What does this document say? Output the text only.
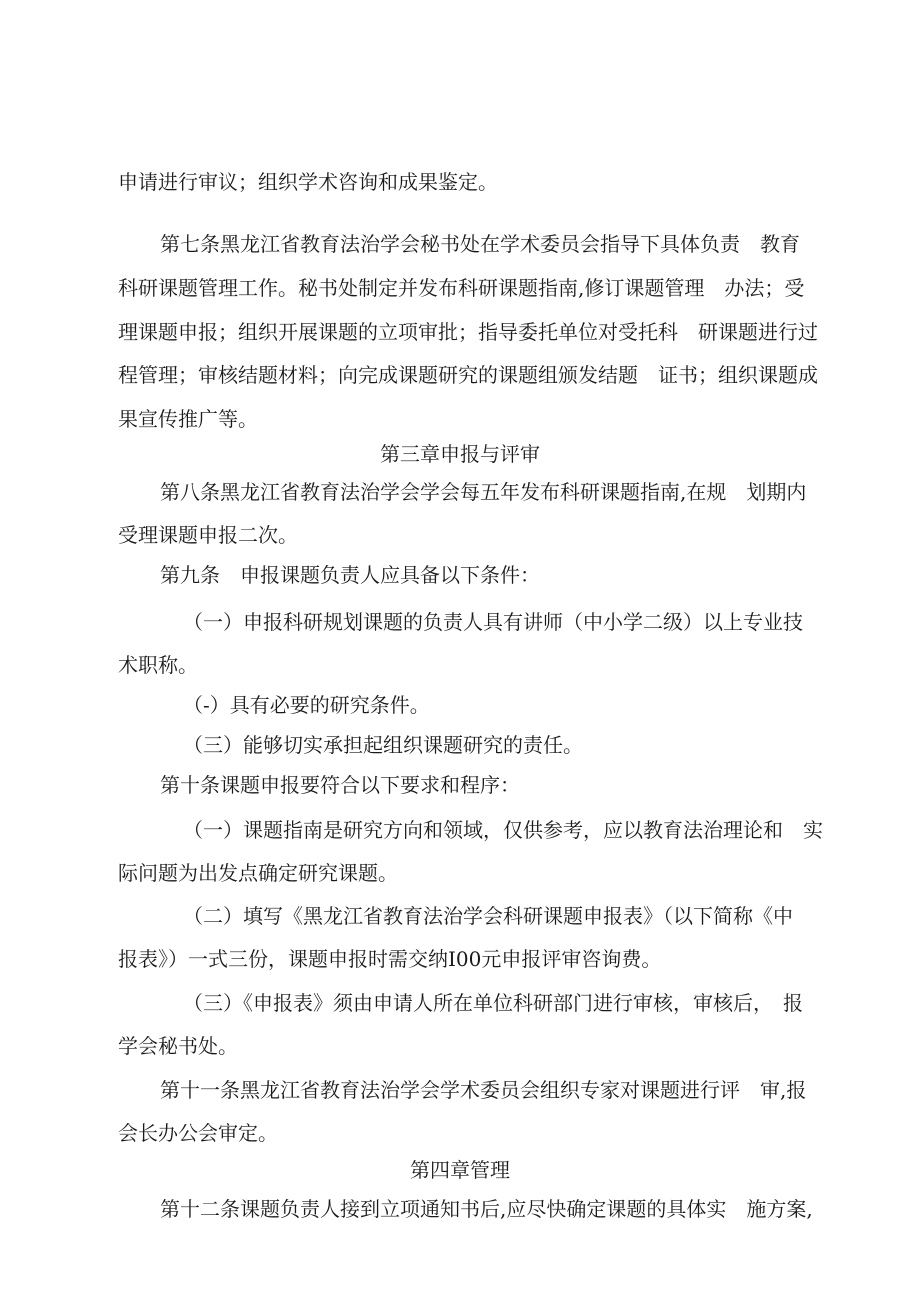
申请进行审议；组织学术咨询和成果鉴定。
第七条黑龙江省教育法治学会秘书处在学术委员会指导下具体负责　教育
科研课题管理工作。秘书处制定并发布科研课题指南,修订课题管理　办法；受
理课题申报；组织开展课题的立项审批；指导委托单位对受托科　研课题进行过
程管理；审核结题材料；向完成课题研究的课题组颁发结题　证书；组织课题成
果宣传推广等。
第三章申报与评审
第八条黑龙江省教育法治学会学会每五年发布科研课题指南,在规　划期内
受理课题申报二次。
第九条　申报课题负责人应具备以下条件：
（一）申报科研规划课题的负责人具有讲师（中小学二级）以上专业技
术职称。
（-）具有必要的研究条件。
（三）能够切实承担起组织课题研究的责任。
第十条课题申报要符合以下要求和程序：
（一）课题指南是研究方向和领域，仅供参考，应以教育法治理论和　实
际问题为出发点确定研究课题。
（二）填写《黑龙江省教育法治学会科研课题申报表》（以下简称《中
报表》）一式三份，课题申报时需交纳I00元申报评审咨询费。
（三）《申报表》须由申请人所在单位科研部门进行审核，审核后，　报
学会秘书处。
第十一条黑龙江省教育法治学会学术委员会组织专家对课题进行评　审,报
会长办公会审定。
第四章管理
第十二条课题负责人接到立项通知书后,应尽快确定课题的具体实　施方案,
